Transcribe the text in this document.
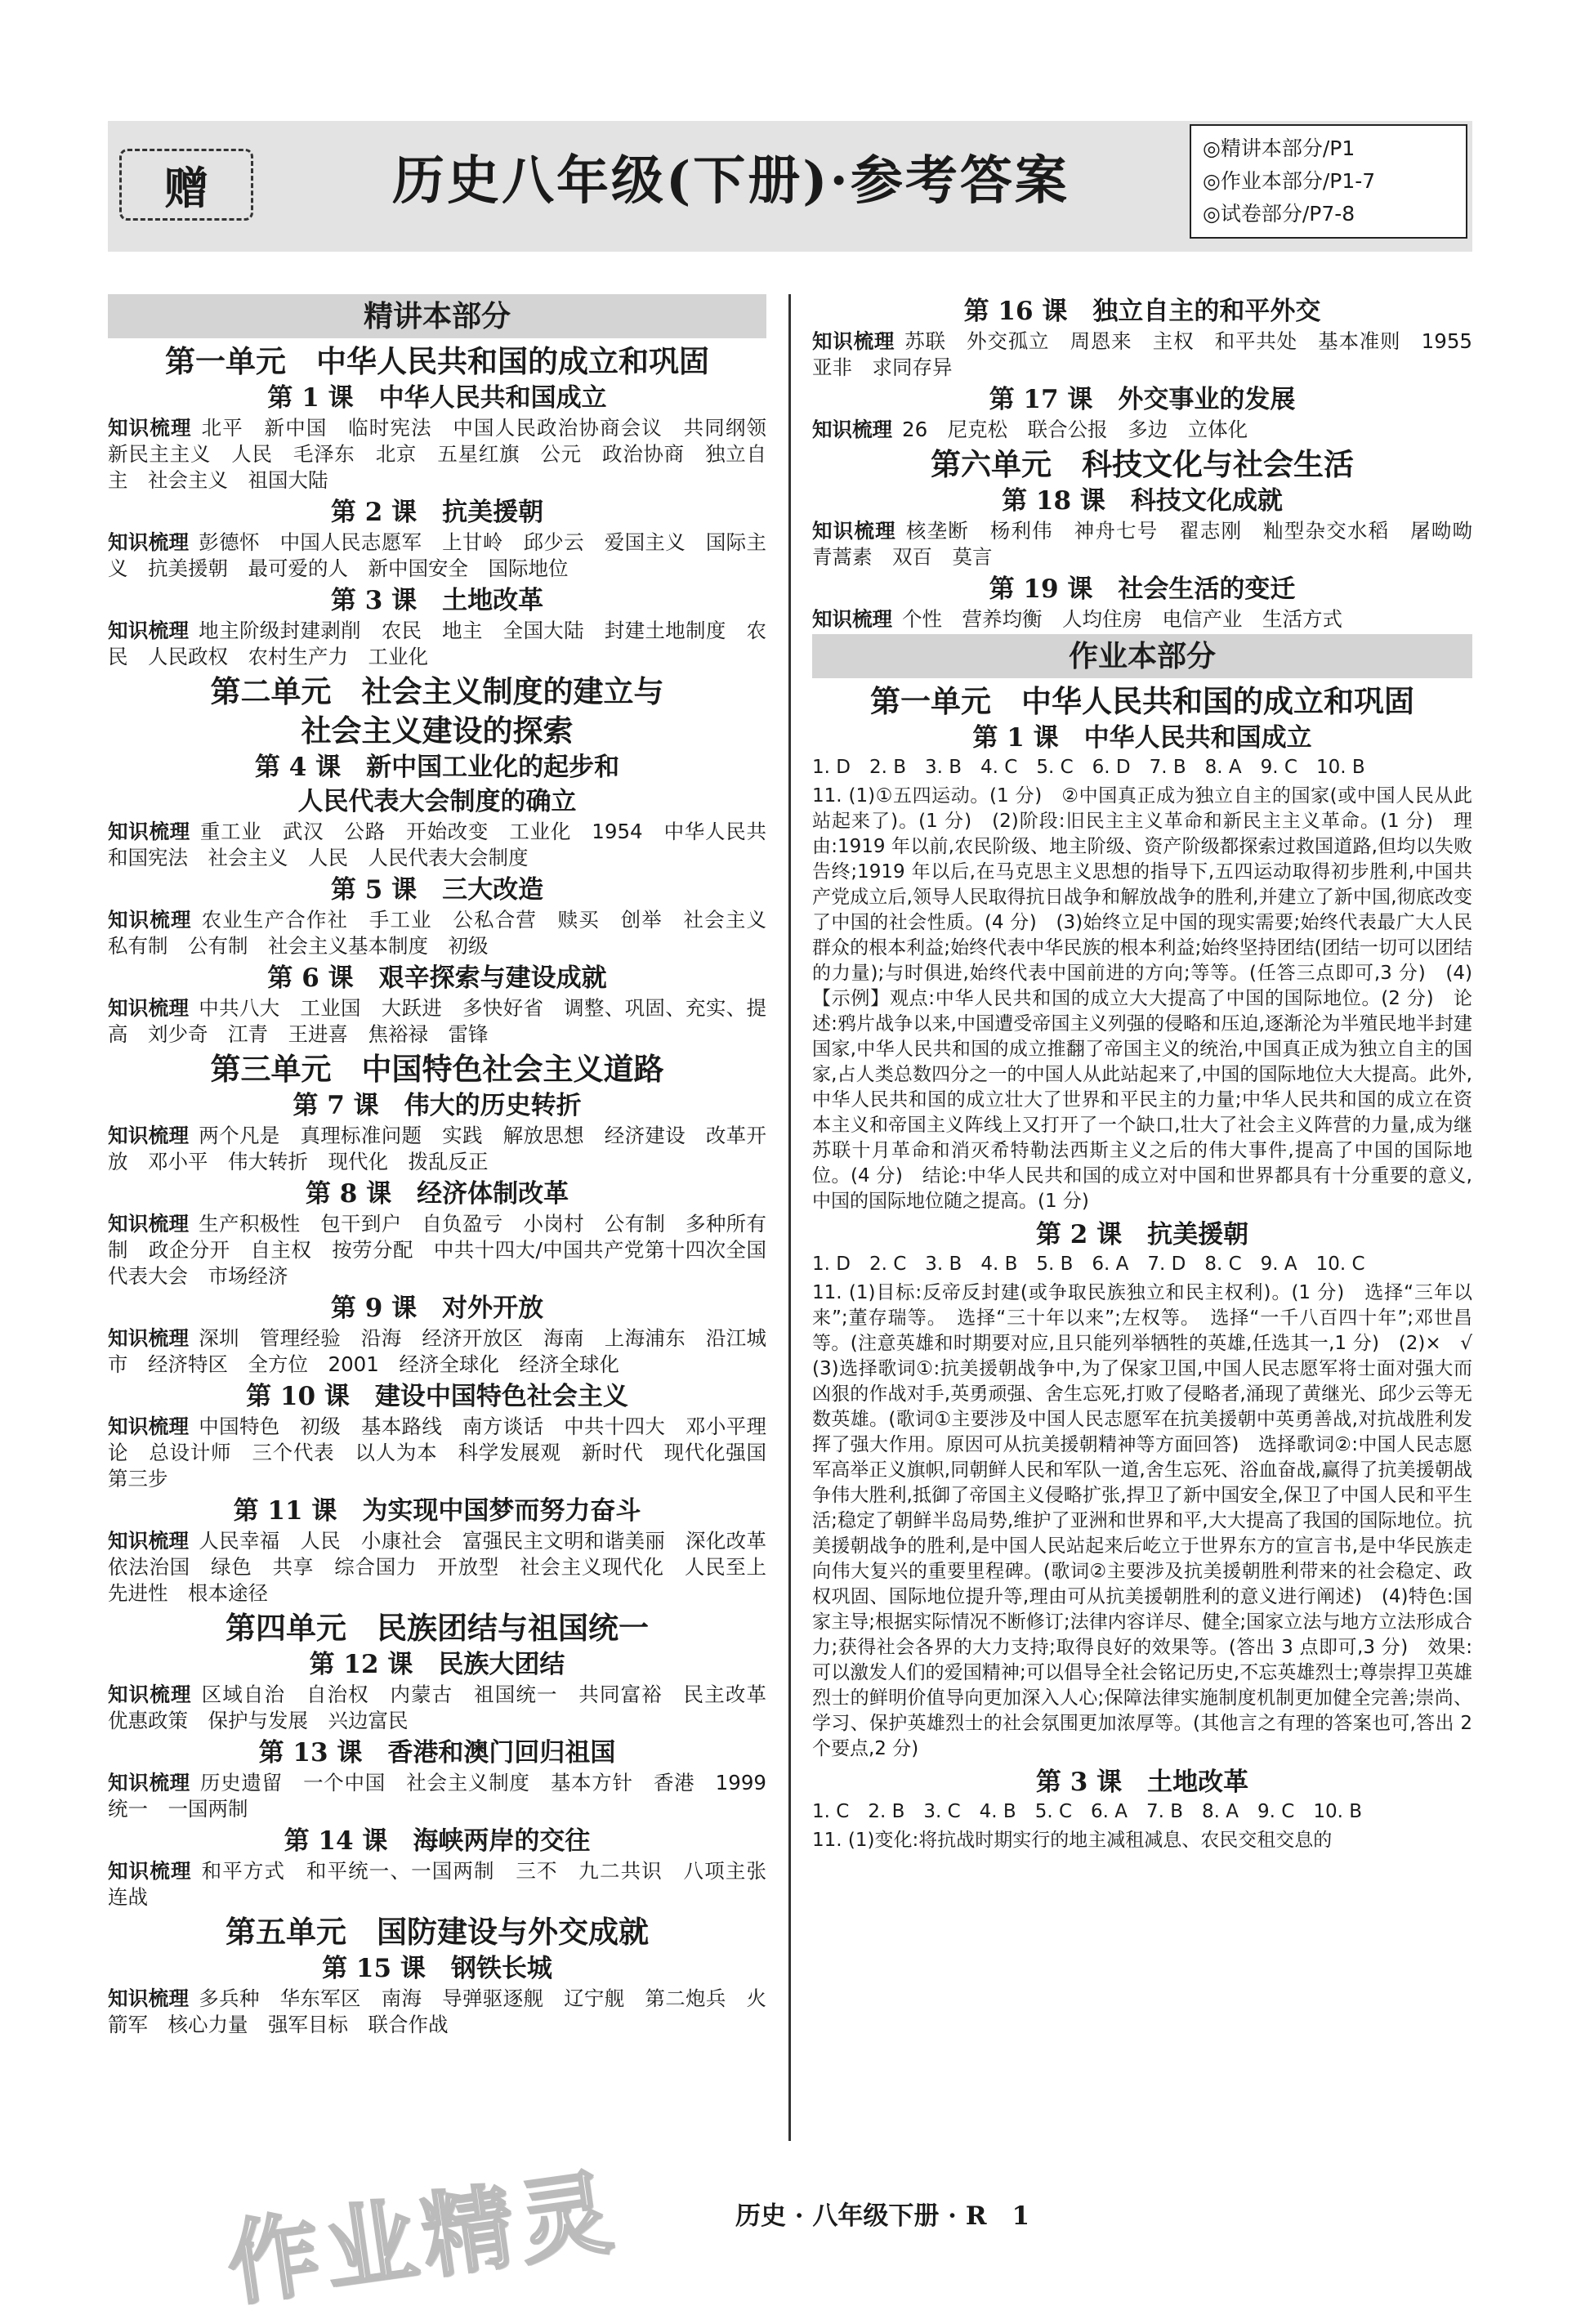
赠	历史八年级(下册)·参考答案
◎精讲本部分/P1
◎作业本部分/P1-7
◎试卷部分/P7-8
精讲本部分
第一单元　中华人民共和国的成立和巩固
第 1 课　中华人民共和国成立
知识梳理 北平　新中国　临时宪法　中国人民政治协商会议　共同纲领　新民主主义　人民　毛泽东　北京　五星红旗　公元　政治协商　独立自主　社会主义　祖国大陆
第 2 课　抗美援朝
知识梳理 彭德怀　中国人民志愿军　上甘岭　邱少云　爱国主义　国际主义　抗美援朝　最可爱的人　新中国安全　国际地位
第 3 课　土地改革
知识梳理 地主阶级封建剥削　农民　地主　全国大陆　封建土地制度　农民　人民政权　农村生产力　工业化
第二单元　社会主义制度的建立与
社会主义建设的探索
第 4 课　新中国工业化的起步和
人民代表大会制度的确立
知识梳理 重工业　武汉　公路　开始改变　工业化　1954　中华人民共和国宪法　社会主义　人民　人民代表大会制度
第 5 课　三大改造
知识梳理 农业生产合作社　手工业　公私合营　赎买　创举　社会主义　私有制　公有制　社会主义基本制度　初级
第 6 课　艰辛探索与建设成就
知识梳理 中共八大　工业国　大跃进　多快好省　调整、巩固、充实、提高　刘少奇　江青　王进喜　焦裕禄　雷锋
第三单元　中国特色社会主义道路
第 7 课　伟大的历史转折
知识梳理 两个凡是　真理标准问题　实践　解放思想　经济建设　改革开放　邓小平　伟大转折　现代化　拨乱反正
第 8 课　经济体制改革
知识梳理 生产积极性　包干到户　自负盈亏　小岗村　公有制　多种所有制　政企分开　自主权　按劳分配　中共十四大/中国共产党第十四次全国代表大会　市场经济
第 9 课　对外开放
知识梳理 深圳　管理经验　沿海　经济开放区　海南　上海浦东　沿江城市　经济特区　全方位　2001　经济全球化　经济全球化
第 10 课　建设中国特色社会主义
知识梳理 中国特色　初级　基本路线　南方谈话　中共十四大　邓小平理论　总设计师　三个代表　以人为本　科学发展观　新时代　现代化强国　第三步
第 11 课　为实现中国梦而努力奋斗
知识梳理 人民幸福　人民　小康社会　富强民主文明和谐美丽　深化改革　依法治国　绿色　共享　综合国力　开放型　社会主义现代化　人民至上　先进性　根本途径
第四单元　民族团结与祖国统一
第 12 课　民族大团结
知识梳理 区域自治　自治权　内蒙古　祖国统一　共同富裕　民主改革　优惠政策　保护与发展　兴边富民
第 13 课　香港和澳门回归祖国
知识梳理 历史遗留　一个中国　社会主义制度　基本方针　香港　1999　统一　一国两制
第 14 课　海峡两岸的交往
知识梳理 和平方式　和平统一、一国两制　三不　九二共识　八项主张　连战
第五单元　国防建设与外交成就
第 15 课　钢铁长城
知识梳理 多兵种　华东军区　南海　导弹驱逐舰　辽宁舰　第二炮兵　火箭军　核心力量　强军目标　联合作战
第 16 课　独立自主的和平外交
知识梳理 苏联　外交孤立　周恩来　主权　和平共处　基本准则　1955　亚非　求同存异
第 17 课　外交事业的发展
知识梳理 26　尼克松　联合公报　多边　立体化
第六单元　科技文化与社会生活
第 18 课　科技文化成就
知识梳理 核垄断　杨利伟　神舟七号　翟志刚　籼型杂交水稻　屠呦呦　青蒿素　双百　莫言
第 19 课　社会生活的变迁
知识梳理 个性　营养均衡　人均住房　电信产业　生活方式
作业本部分
第一单元　中华人民共和国的成立和巩固
第 1 课　中华人民共和国成立
1. D　2. B　3. B　4. C　5. C　6. D　7. B　8. A　9. C　10. B
11. (1)①五四运动。(1 分)　②中国真正成为独立自主的国家(或中国人民从此站起来了)。(1 分)　(2)阶段:旧民主主义革命和新民主主义革命。(1 分)　理由:1919 年以前,农民阶级、地主阶级、资产阶级都探索过救国道路,但均以失败告终;1919 年以后,在马克思主义思想的指导下,五四运动取得初步胜利,中国共产党成立后,领导人民取得抗日战争和解放战争的胜利,并建立了新中国,彻底改变了中国的社会性质。(4 分)　(3)始终立足中国的现实需要;始终代表最广大人民群众的根本利益;始终代表中华民族的根本利益;始终坚持团结(团结一切可以团结的力量);与时俱进,始终代表中国前进的方向;等等。(任答三点即可,3 分)　(4)【示例】观点:中华人民共和国的成立大大提高了中国的国际地位。(2 分)　论述:鸦片战争以来,中国遭受帝国主义列强的侵略和压迫,逐渐沦为半殖民地半封建国家,中华人民共和国的成立推翻了帝国主义的统治,中国真正成为独立自主的国家,占人类总数四分之一的中国人从此站起来了,中国的国际地位大大提高。此外,中华人民共和国的成立壮大了世界和平民主的力量;中华人民共和国的成立在资本主义和帝国主义阵线上又打开了一个缺口,壮大了社会主义阵营的力量,成为继苏联十月革命和消灭希特勒法西斯主义之后的伟大事件,提高了中国的国际地位。(4 分)　结论:中华人民共和国的成立对中国和世界都具有十分重要的意义,中国的国际地位随之提高。(1 分)
第 2 课　抗美援朝
1. D　2. C　3. B　4. B　5. B　6. A　7. D　8. C　9. A　10. C
11. (1)目标:反帝反封建(或争取民族独立和民主权利)。(1 分)　选择“三年以来”;董存瑞等。　选择“三十年以来”;左权等。　选择“一千八百四十年”;邓世昌等。(注意英雄和时期要对应,且只能列举牺牲的英雄,任选其一,1 分)　(2)×　√　(3)选择歌词①:抗美援朝战争中,为了保家卫国,中国人民志愿军将士面对强大而凶狠的作战对手,英勇顽强、舍生忘死,打败了侵略者,涌现了黄继光、邱少云等无数英雄。(歌词①主要涉及中国人民志愿军在抗美援朝中英勇善战,对抗战胜利发挥了强大作用。原因可从抗美援朝精神等方面回答)　选择歌词②:中国人民志愿军高举正义旗帜,同朝鲜人民和军队一道,舍生忘死、浴血奋战,赢得了抗美援朝战争伟大胜利,抵御了帝国主义侵略扩张,捍卫了新中国安全,保卫了中国人民和平生活;稳定了朝鲜半岛局势,维护了亚洲和世界和平,大大提高了我国的国际地位。抗美援朝战争的胜利,是中国人民站起来后屹立于世界东方的宣言书,是中华民族走向伟大复兴的重要里程碑。(歌词②主要涉及抗美援朝胜利带来的社会稳定、政权巩固、国际地位提升等,理由可从抗美援朝胜利的意义进行阐述)　(4)特色:国家主导;根据实际情况不断修订;法律内容详尽、健全;国家立法与地方立法形成合力;获得社会各界的大力支持;取得良好的效果等。(答出 3 点即可,3 分)　效果:可以激发人们的爱国精神;可以倡导全社会铭记历史,不忘英雄烈士;尊崇捍卫英雄烈士的鲜明价值导向更加深入人心;保障法律实施制度机制更加健全完善;崇尚、学习、保护英雄烈士的社会氛围更加浓厚等。(其他言之有理的答案也可,答出 2 个要点,2 分)
第 3 课　土地改革
1. C　2. B　3. C　4. B　5. C　6. A　7. B　8. A　9. C　10. B
11. (1)变化:将抗战时期实行的地主减租减息、农民交租交息的
作业精灵	历史 · 八年级下册 · R　1
